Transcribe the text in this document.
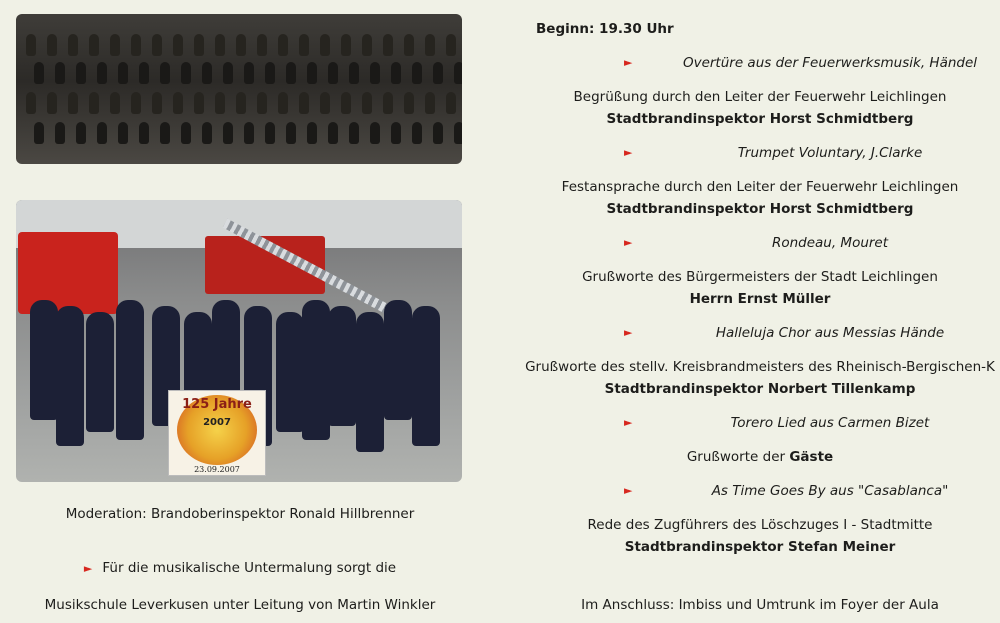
125 Jahre
2007
23.09.2007
Moderation: Brandoberinspektor Ronald Hillbrenner
► Für die musikalische Untermalung sorgt die
Musikschule Leverkusen unter Leitung von Martin Winkler
Beginn: 19.30 Uhr
►	Overtüre aus der Feuerwerksmusik, Händel
Begrüßung durch den Leiter der Feuerwehr Leichlingen
Stadtbrandinspektor Horst Schmidtberg
►	Trumpet Voluntary, J.Clarke
Festansprache durch den Leiter der Feuerwehr Leichlingen
Stadtbrandinspektor Horst Schmidtberg
►	Rondeau, Mouret
Grußworte des Bürgermeisters der Stadt Leichlingen
Herrn Ernst Müller
►	Halleluja Chor aus Messias Hände
Grußworte des stellv. Kreisbrandmeisters des Rheinisch-Bergischen-K
Stadtbrandinspektor Norbert Tillenkamp
►	Torero Lied aus Carmen Bizet
Grußworte der Gäste
►	As Time Goes By aus "Casablanca"
Rede des Zugführers des Löschzuges I - Stadtmitte
Stadtbrandinspektor Stefan Meiner
Im Anschluss: Imbiss und Umtrunk im Foyer der Aula
